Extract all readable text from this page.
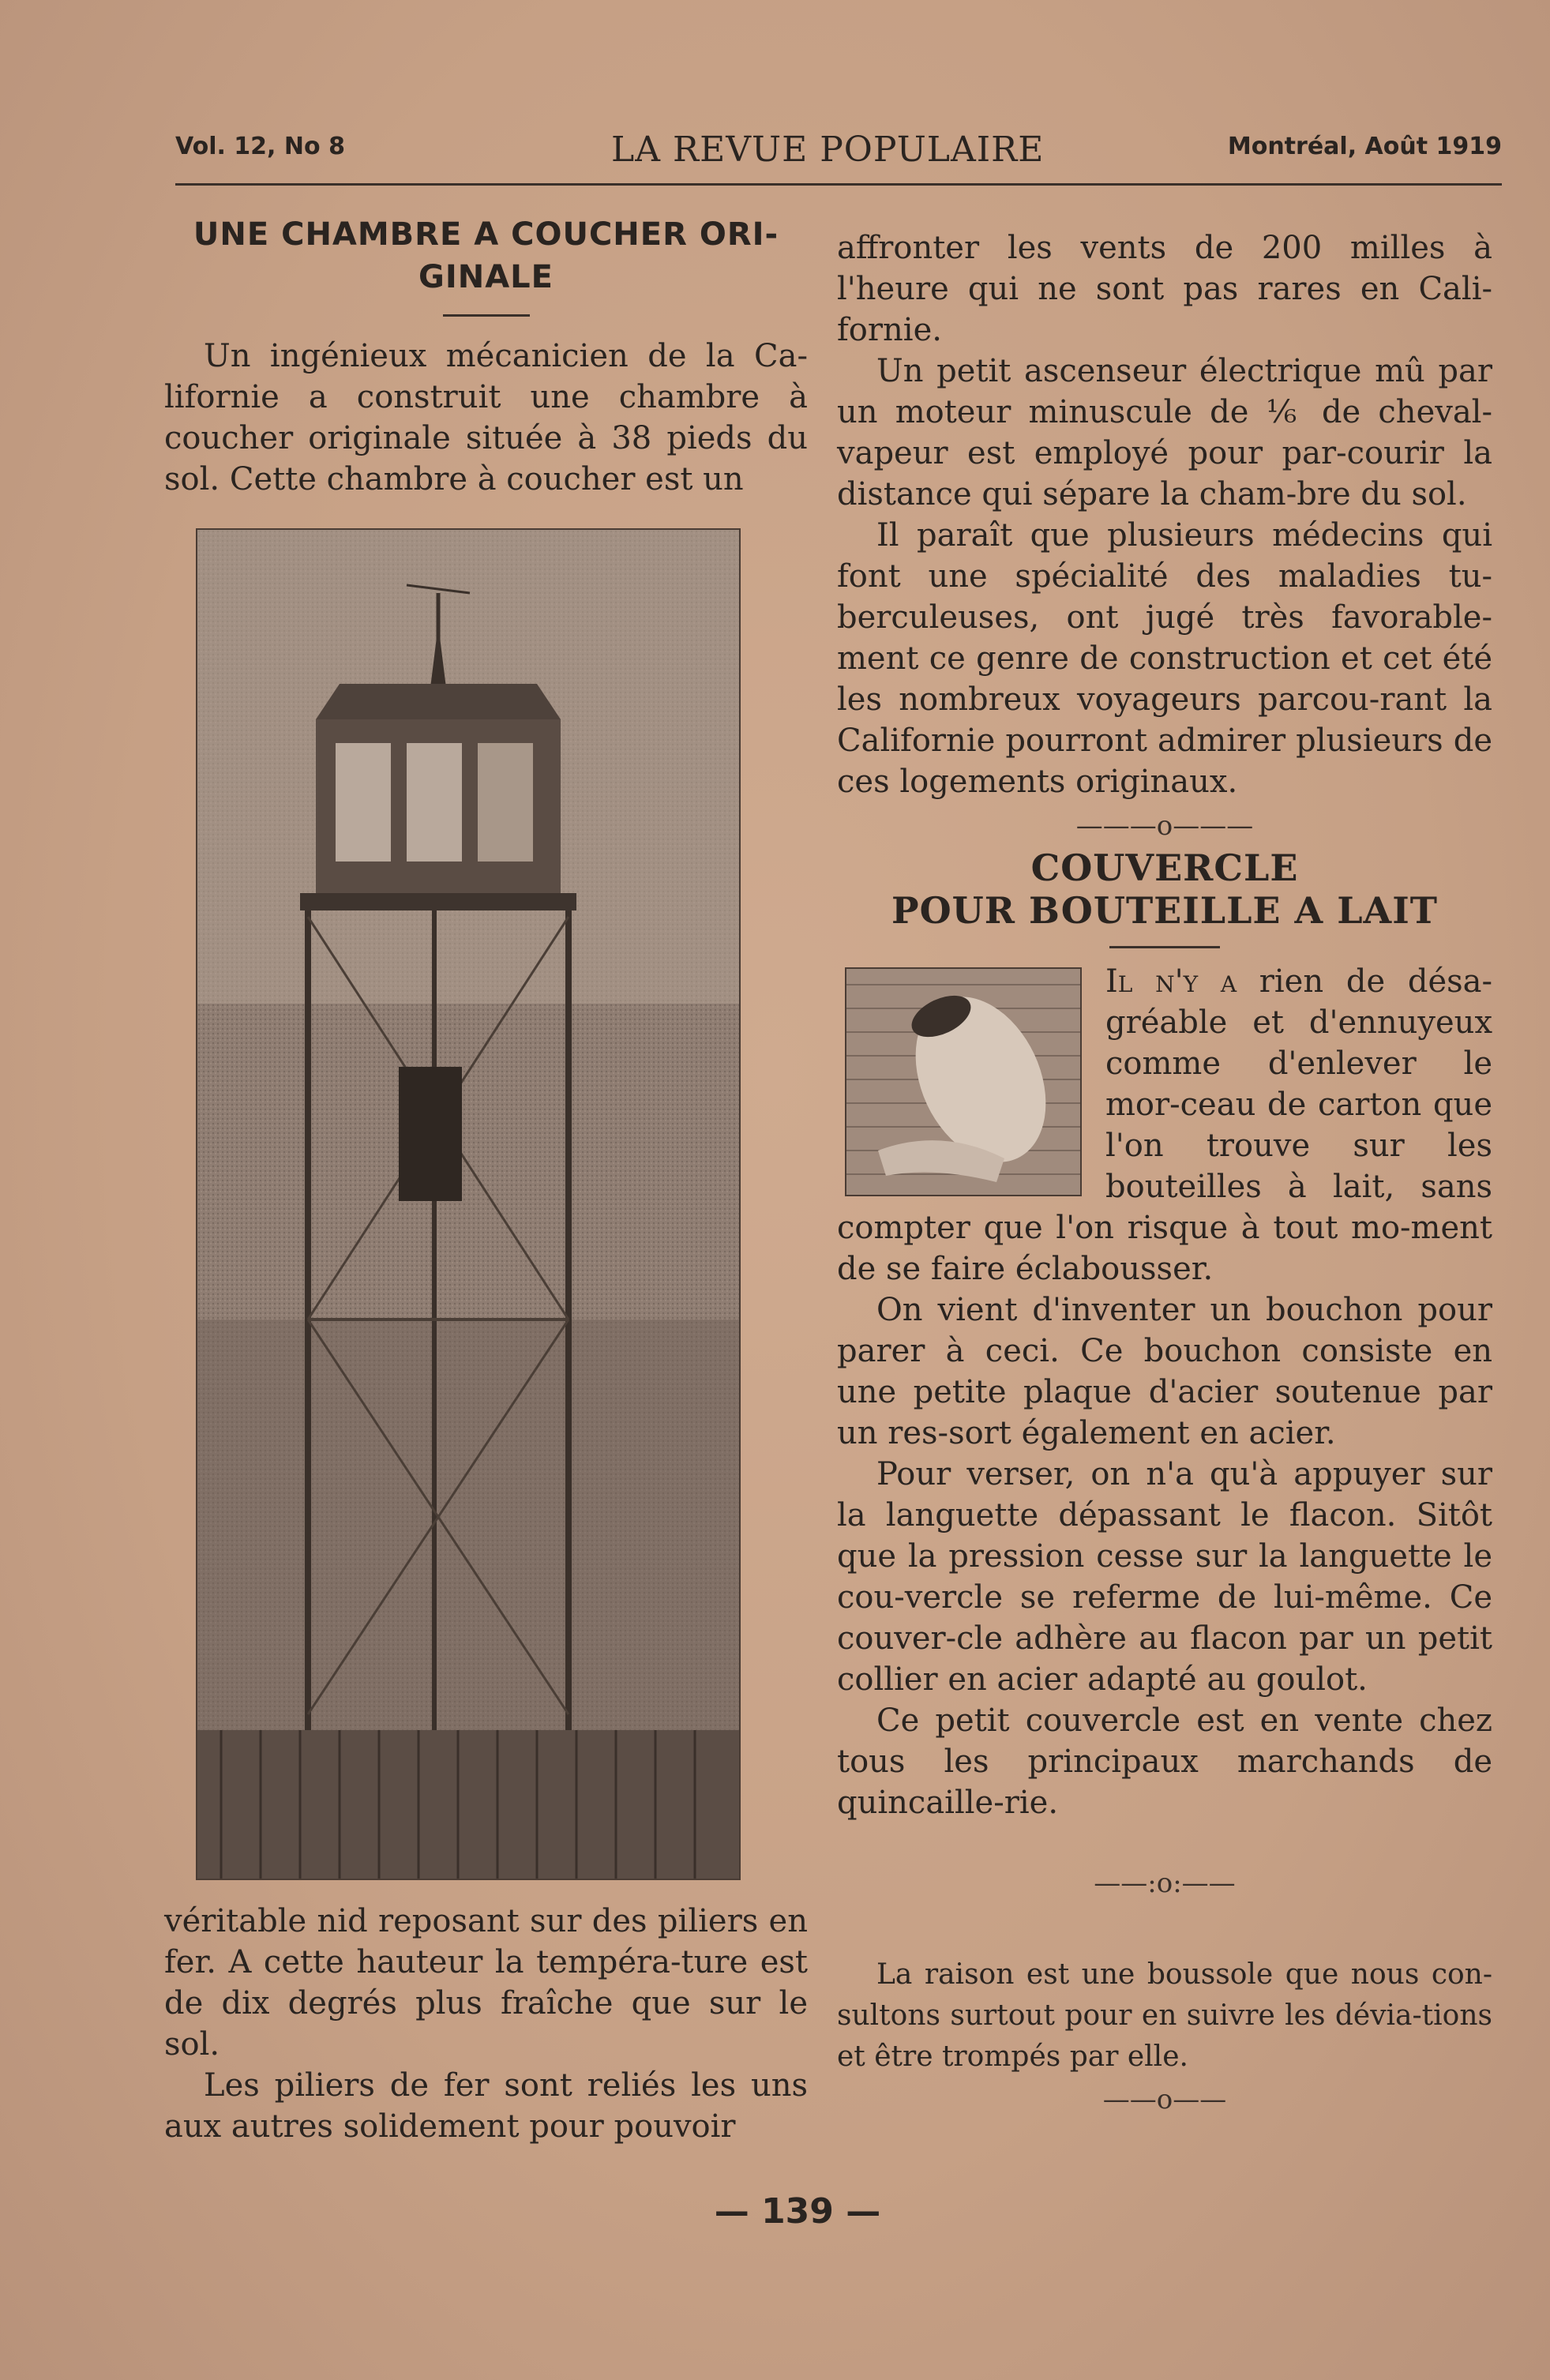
Vol. 12, No 8	LA REVUE POPULAIRE	Montréal, Août 1919
UNE CHAMBRE A COUCHER ORI-
GINALE

Un ingénieux mécanicien de la Ca-lifornie a construit une chambre à coucher originale située à 38 pieds du sol. Cette chambre à coucher est un

véritable nid reposant sur des piliers en fer. A cette hauteur la tempéra-ture est de dix degrés plus fraîche que sur le sol.

Les piliers de fer sont reliés les uns aux autres solidement pour pouvoir

affronter les vents de 200 milles à l'heure qui ne sont pas rares en Cali-fornie.

Un petit ascenseur électrique mû par un moteur minuscule de ⅙ de cheval-vapeur est employé pour par-courir la distance qui sépare la cham-bre du sol.

Il paraît que plusieurs médecins qui font une spécialité des maladies tu-berculeuses, ont jugé très favorable-ment ce genre de construction et cet été les nombreux voyageurs parcou-rant la Californie pourront admirer plusieurs de ces logements originaux.

———o———
COUVERCLE
POUR BOUTEILLE A LAIT

Il n'y a rien de désa-gréable et d'ennuyeux comme d'enlever le mor-ceau de carton que l'on trouve sur les bouteilles à lait, sans compter que l'on risque à tout mo-ment de se faire éclabousser.

On vient d'inventer un bouchon pour parer à ceci. Ce bouchon consiste en une petite plaque d'acier soutenue par un res-sort également en acier.

Pour verser, on n'a qu'à appuyer sur la languette dépassant le flacon. Sitôt que la pression cesse sur la languette le cou-vercle se referme de lui-même. Ce couver-cle adhère au flacon par un petit collier en acier adapté au goulot.

Ce petit couvercle est en vente chez tous les principaux marchands de quincaille-rie.

——:o:——

La raison est une boussole que nous con-sultons surtout pour en suivre les dévia-tions et être trompés par elle.

——o——
— 139 —
